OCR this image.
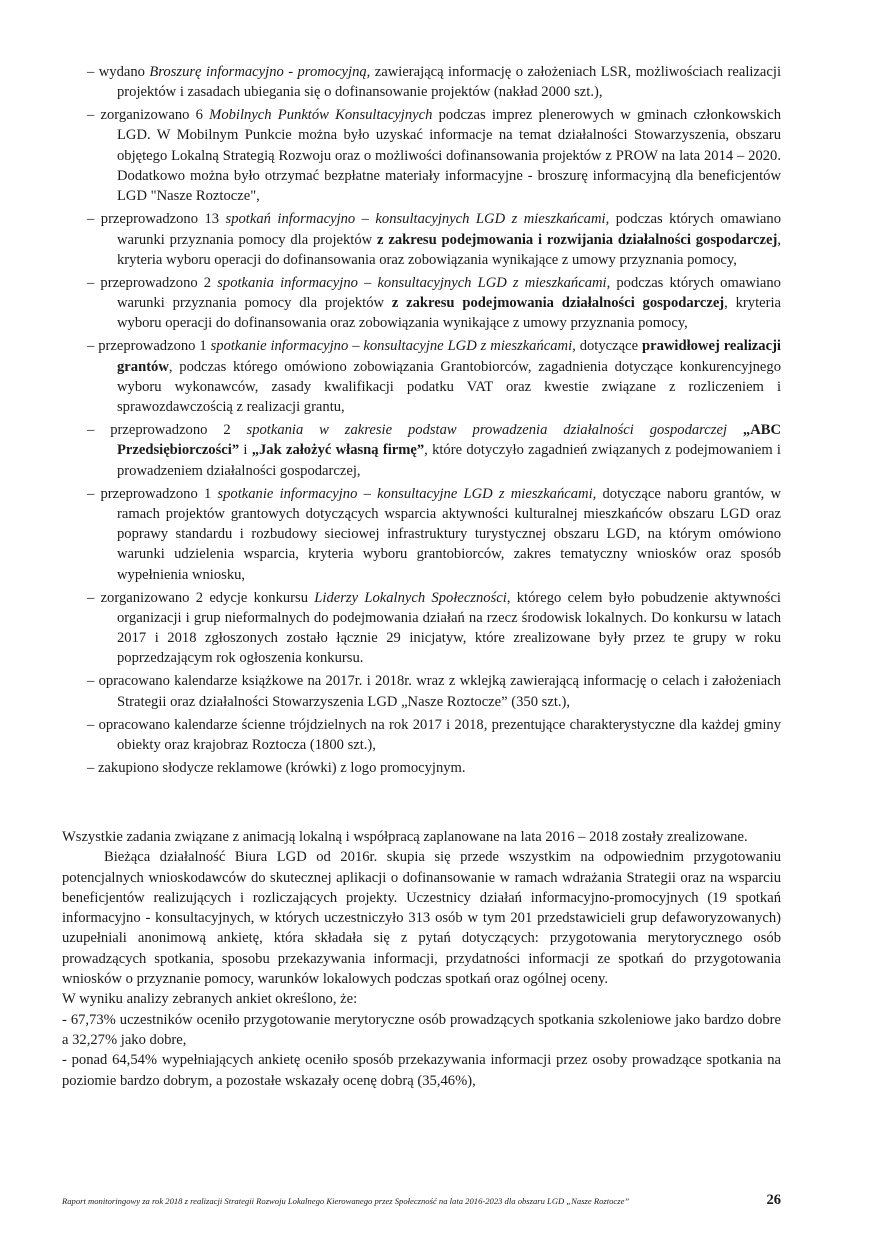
– wydano Broszurę informacyjno - promocyjną, zawierającą informację o założeniach LSR, możliwościach realizacji projektów i zasadach ubiegania się o dofinansowanie projektów (nakład 2000 szt.),
– zorganizowano 6 Mobilnych Punktów Konsultacyjnych podczas imprez plenerowych w gminach członkowskich LGD. W Mobilnym Punkcie można było uzyskać informacje na temat działalności Stowarzyszenia, obszaru objętego Lokalną Strategią Rozwoju oraz o możliwości dofinansowania projektów z PROW na lata 2014 – 2020. Dodatkowo można było otrzymać bezpłatne materiały informacyjne - broszurę informacyjną dla beneficjentów LGD "Nasze Roztocze",
– przeprowadzono 13 spotkań informacyjno – konsultacyjnych LGD z mieszkańcami, podczas których omawiano warunki przyznania pomocy dla projektów z zakresu podejmowania i rozwijania działalności gospodarczej, kryteria wyboru operacji do dofinansowania oraz zobowiązania wynikające z umowy przyznania pomocy,
– przeprowadzono 2 spotkania informacyjno – konsultacyjnych LGD z mieszkańcami, podczas których omawiano warunki przyznania pomocy dla projektów z zakresu podejmowania działalności gospodarczej, kryteria wyboru operacji do dofinansowania oraz zobowiązania wynikające z umowy przyznania pomocy,
– przeprowadzono 1 spotkanie informacyjno – konsultacyjne LGD z mieszkańcami, dotyczące prawidłowej realizacji grantów, podczas którego omówiono zobowiązania Grantobiorców, zagadnienia dotyczące konkurencyjnego wyboru wykonawców, zasady kwalifikacji podatku VAT oraz kwestie związane z rozliczeniem i sprawozdawczością z realizacji grantu,
– przeprowadzono 2 spotkania w zakresie podstaw prowadzenia działalności gospodarczej „ABC Przedsiębiorczości” i „Jak założyć własną firmę”, które dotyczyło zagadnień związanych z podejmowaniem i prowadzeniem działalności gospodarczej,
– przeprowadzono 1 spotkanie informacyjno – konsultacyjne LGD z mieszkańcami, dotyczące naboru grantów, w ramach projektów grantowych dotyczących wsparcia aktywności kulturalnej mieszkańców obszaru LGD oraz poprawy standardu i rozbudowy sieciowej infrastruktury turystycznej obszaru LGD, na którym omówiono warunki udzielenia wsparcia, kryteria wyboru grantobiorców, zakres tematyczny wniosków oraz sposób wypełnienia wniosku,
– zorganizowano 2 edycje konkursu Liderzy Lokalnych Społeczności, którego celem było pobudzenie aktywności organizacji i grup nieformalnych do podejmowania działań na rzecz środowisk lokalnych. Do konkursu w latach 2017 i 2018 zgłoszonych zostało łącznie 29 inicjatyw, które zrealizowane były przez te grupy w roku poprzedzającym rok ogłoszenia konkursu.
– opracowano kalendarze książkowe na 2017r. i 2018r. wraz z wklejką zawierającą informację o celach i założeniach Strategii oraz działalności Stowarzyszenia LGD „Nasze Roztocze” (350 szt.),
– opracowano kalendarze ścienne trójdzielnych na rok 2017 i 2018, prezentujące charakterystyczne dla każdej gminy obiekty oraz krajobraz Roztocza (1800 szt.),
– zakupiono słodycze reklamowe (krówki) z logo promocyjnym.

Wszystkie zadania związane z animacją lokalną i współpracą zaplanowane na lata 2016 – 2018 zostały zrealizowane.

Bieżąca działalność Biura LGD od 2016r. skupia się przede wszystkim na odpowiednim przygotowaniu potencjalnych wnioskodawców do skutecznej aplikacji o dofinansowanie w ramach wdrażania Strategii oraz na wsparciu beneficjentów realizujących i rozliczających projekty. Uczestnicy działań informacyjno-promocyjnych (19 spotkań informacyjno - konsultacyjnych, w których uczestniczyło 313 osób w tym 201 przedstawicieli grup defaworyzowanych) uzupełniali anonimową ankietę, która składała się z pytań dotyczących: przygotowania merytorycznego osób prowadzących spotkania, sposobu przekazywania informacji, przydatności informacji ze spotkań do przygotowania wniosków o przyznanie pomocy, warunków lokalowych podczas spotkań oraz ogólnej oceny.

W wyniku analizy zebranych ankiet określono, że:

- 67,73% uczestników oceniło przygotowanie merytoryczne osób prowadzących spotkania szkoleniowe jako bardzo dobre a 32,27% jako dobre,

- ponad 64,54% wypełniających ankietę oceniło sposób przekazywania informacji przez osoby prowadzące spotkania na poziomie bardzo dobrym, a pozostałe wskazały ocenę dobrą (35,46%),

Raport monitoringowy za rok 2018 z realizacji Strategii Rozwoju Lokalnego Kierowanego przez Społeczność na lata 2016-2023 dla obszaru LGD „Nasze Roztocze”	26
